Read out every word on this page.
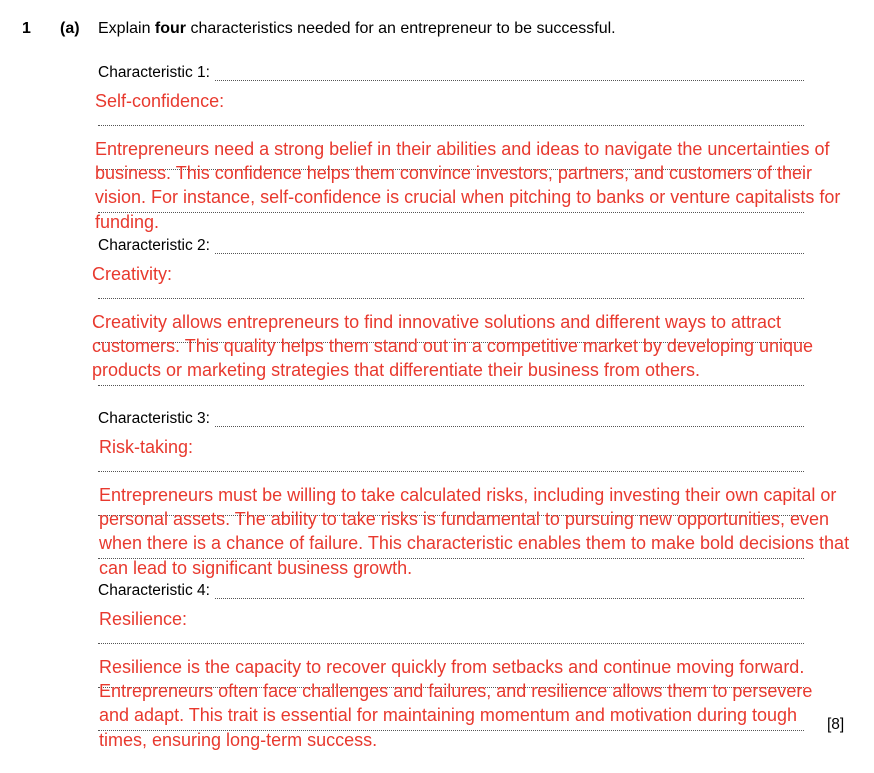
1 (a) Explain four characteristics needed for an entrepreneur to be successful.
Characteristic 1:
Self-confidence:

Entrepreneurs need a strong belief in their abilities and ideas to navigate the uncertainties of business. This confidence helps them convince investors, partners, and customers of their vision. For instance, self-confidence is crucial when pitching to banks or venture capitalists for funding.

Characteristic 2:
Creativity:

Creativity allows entrepreneurs to find innovative solutions and different ways to attract customers. This quality helps them stand out in a competitive market by developing unique products or marketing strategies that differentiate their business from others.

Characteristic 3:
Risk-taking:

Entrepreneurs must be willing to take calculated risks, including investing their own capital or personal assets. The ability to take risks is fundamental to pursuing new opportunities, even when there is a chance of failure. This characteristic enables them to make bold decisions that can lead to significant business growth.

Characteristic 4:
Resilience:

Resilience is the capacity to recover quickly from setbacks and continue moving forward. Entrepreneurs often face challenges and failures, and resilience allows them to persevere and adapt. This trait is essential for maintaining momentum and motivation during tough times, ensuring long-term success.

[8]
